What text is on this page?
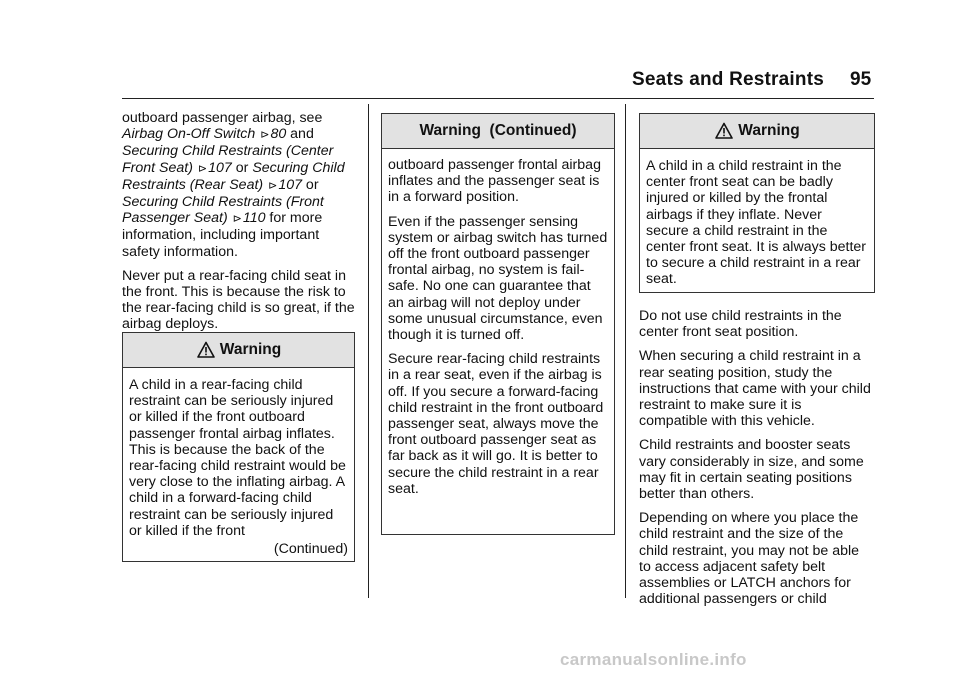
Seats and Restraints 95

outboard passenger airbag, see Airbag On-Off Switch ⊳80 and Securing Child Restraints (Center Front Seat) ⊳107 or Securing Child Restraints (Rear Seat) ⊳107 or Securing Child Restraints (Front Passenger Seat) ⊳110 for more information, including important safety information.

Never put a rear-facing child seat in the front. This is because the risk to the rear-facing child is so great, if the airbag deploys.

Warning
A child in a rear-facing child restraint can be seriously injured or killed if the front outboard passenger frontal airbag inflates. This is because the back of the rear-facing child restraint would be very close to the inflating airbag. A child in a forward-facing child restraint can be seriously injured or killed if the front
(Continued)
Warning  (Continued)

outboard passenger frontal airbag inflates and the passenger seat is in a forward position.

Even if the passenger sensing system or airbag switch has turned off the front outboard passenger frontal airbag, no system is fail-safe. No one can guarantee that an airbag will not deploy under some unusual circumstance, even though it is turned off.

Secure rear-facing child restraints in a rear seat, even if the airbag is off. If you secure a forward-facing child restraint in the front outboard passenger seat, always move the front outboard passenger seat as far back as it will go. It is better to secure the child restraint in a rear seat.

Warning
A child in a child restraint in the center front seat can be badly injured or killed by the frontal airbags if they inflate. Never secure a child restraint in the center front seat. It is always better to secure a child restraint in a rear seat.

Do not use child restraints in the center front seat position.

When securing a child restraint in a rear seating position, study the instructions that came with your child restraint to make sure it is compatible with this vehicle.

Child restraints and booster seats vary considerably in size, and some may fit in certain seating positions better than others.

Depending on where you place the child restraint and the size of the child restraint, you may not be able to access adjacent safety belt assemblies or LATCH anchors for additional passengers or child

carmanualsonline.info
